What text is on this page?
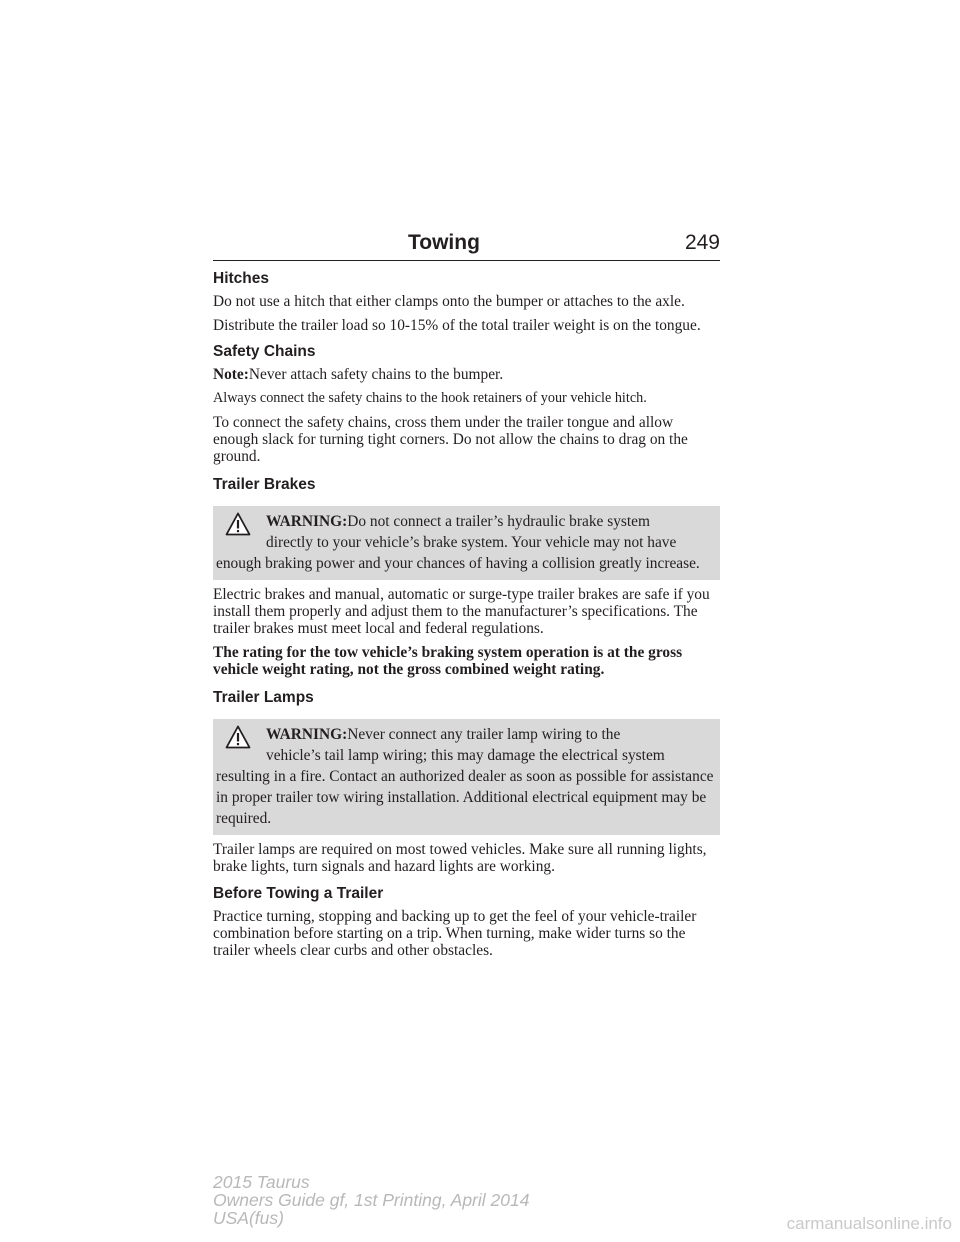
Towing	249
Hitches

Do not use a hitch that either clamps onto the bumper or attaches to the axle.

Distribute the trailer load so 10-15% of the total trailer weight is on the tongue.

Safety Chains

Note:Never attach safety chains to the bumper.

Always connect the safety chains to the hook retainers of your vehicle hitch.

To connect the safety chains, cross them under the trailer tongue and allow enough slack for turning tight corners. Do not allow the chains to drag on the ground.

Trailer Brakes

WARNING:Do not connect a trailer’s hydraulic brake system
directly to your vehicle’s brake system. Your vehicle may not have enough braking power and your chances of having a collision greatly increase.

Electric brakes and manual, automatic or surge-type trailer brakes are safe if you install them properly and adjust them to the manufacturer’s specifications. The trailer brakes must meet local and federal regulations.

The rating for the tow vehicle’s braking system operation is at the gross vehicle weight rating, not the gross combined weight rating.

Trailer Lamps

WARNING:Never connect any trailer lamp wiring to the
vehicle’s tail lamp wiring; this may damage the electrical system resulting in a fire. Contact an authorized dealer as soon as possible for assistance in proper trailer tow wiring installation. Additional electrical equipment may be required.

Trailer lamps are required on most towed vehicles. Make sure all running lights, brake lights, turn signals and hazard lights are working.

Before Towing a Trailer

Practice turning, stopping and backing up to get the feel of your vehicle-trailer combination before starting on a trip. When turning, make wider turns so the trailer wheels clear curbs and other obstacles.

2015 Taurus
Owners Guide gf, 1st Printing, April 2014
USA(fus)	carmanualsonline.info
